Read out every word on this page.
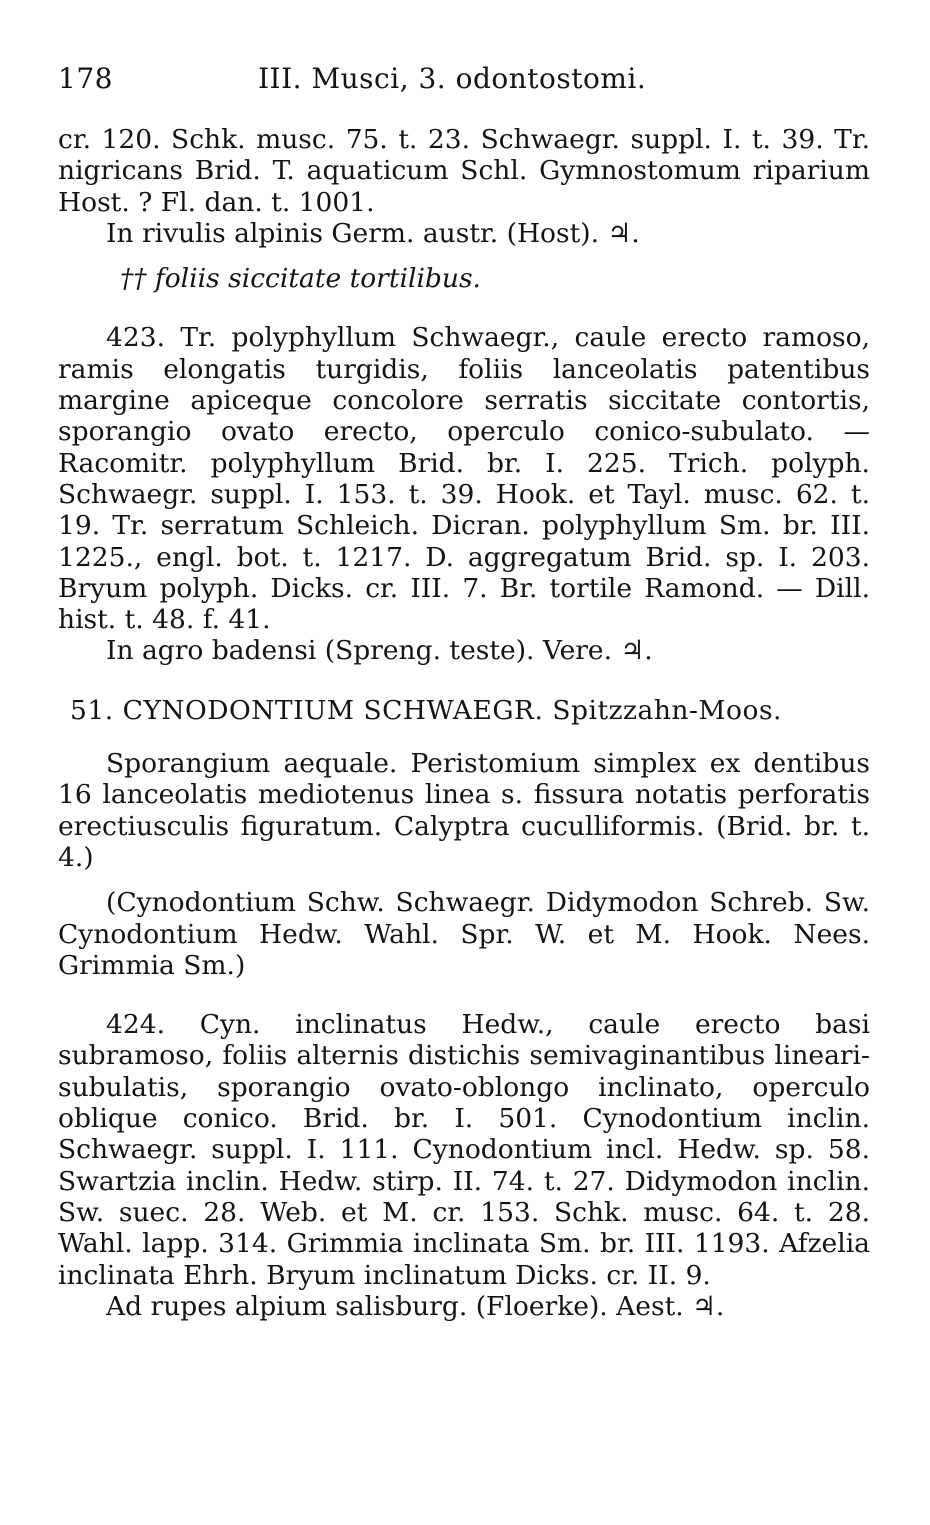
178	III. Musci, 3. odontostomi.

cr. 120. Schk. musc. 75. t. 23. Schwaegr. suppl. I. t. 39. Tr. nigricans Brid. T. aquaticum Schl. Gymnostomum riparium Host. ? Fl. dan. t. 1001.

In rivulis alpinis Germ. austr. (Host). ♃.

†† foliis siccitate tortilibus.

423. Tr. polyphyllum Schwaegr., caule erecto ramoso, ramis elongatis turgidis, foliis lanceolatis patentibus margine apiceque concolore serratis siccitate contortis, sporangio ovato erecto, operculo conico-subulato. — Racomitr. polyphyllum Brid. br. I. 225. Trich. polyph. Schwaegr. suppl. I. 153. t. 39. Hook. et Tayl. musc. 62. t. 19. Tr. serratum Schleich. Dicran. polyphyllum Sm. br. III. 1225., engl. bot. t. 1217. D. aggregatum Brid. sp. I. 203. Bryum polyph. Dicks. cr. III. 7. Br. tortile Ramond. — Dill. hist. t. 48. f. 41.

In agro badensi (Spreng. teste). Vere. ♃.

51. CYNODONTIUM SCHWAEGR. Spitzzahn-Moos.

Sporangium aequale. Peristomium simplex ex dentibus 16 lanceolatis mediotenus linea s. fissura notatis perforatis erectiusculis figuratum. Calyptra cuculliformis. (Brid. br. t. 4.)

(Cynodontium Schw. Schwaegr. Didymodon Schreb. Sw. Cynodontium Hedw. Wahl. Spr. W. et M. Hook. Nees. Grimmia Sm.)

424. Cyn. inclinatus Hedw., caule erecto basi subramoso, foliis alternis distichis semivaginantibus lineari-subulatis, sporangio ovato-oblongo inclinato, operculo oblique conico. Brid. br. I. 501. Cynodontium inclin. Schwaegr. suppl. I. 111. Cynodontium incl. Hedw. sp. 58. Swartzia inclin. Hedw. stirp. II. 74. t. 27. Didymodon inclin. Sw. suec. 28. Web. et M. cr. 153. Schk. musc. 64. t. 28. Wahl. lapp. 314. Grimmia inclinata Sm. br. III. 1193. Afzelia inclinata Ehrh. Bryum inclinatum Dicks. cr. II. 9.

Ad rupes alpium salisburg. (Floerke). Aest. ♃.
